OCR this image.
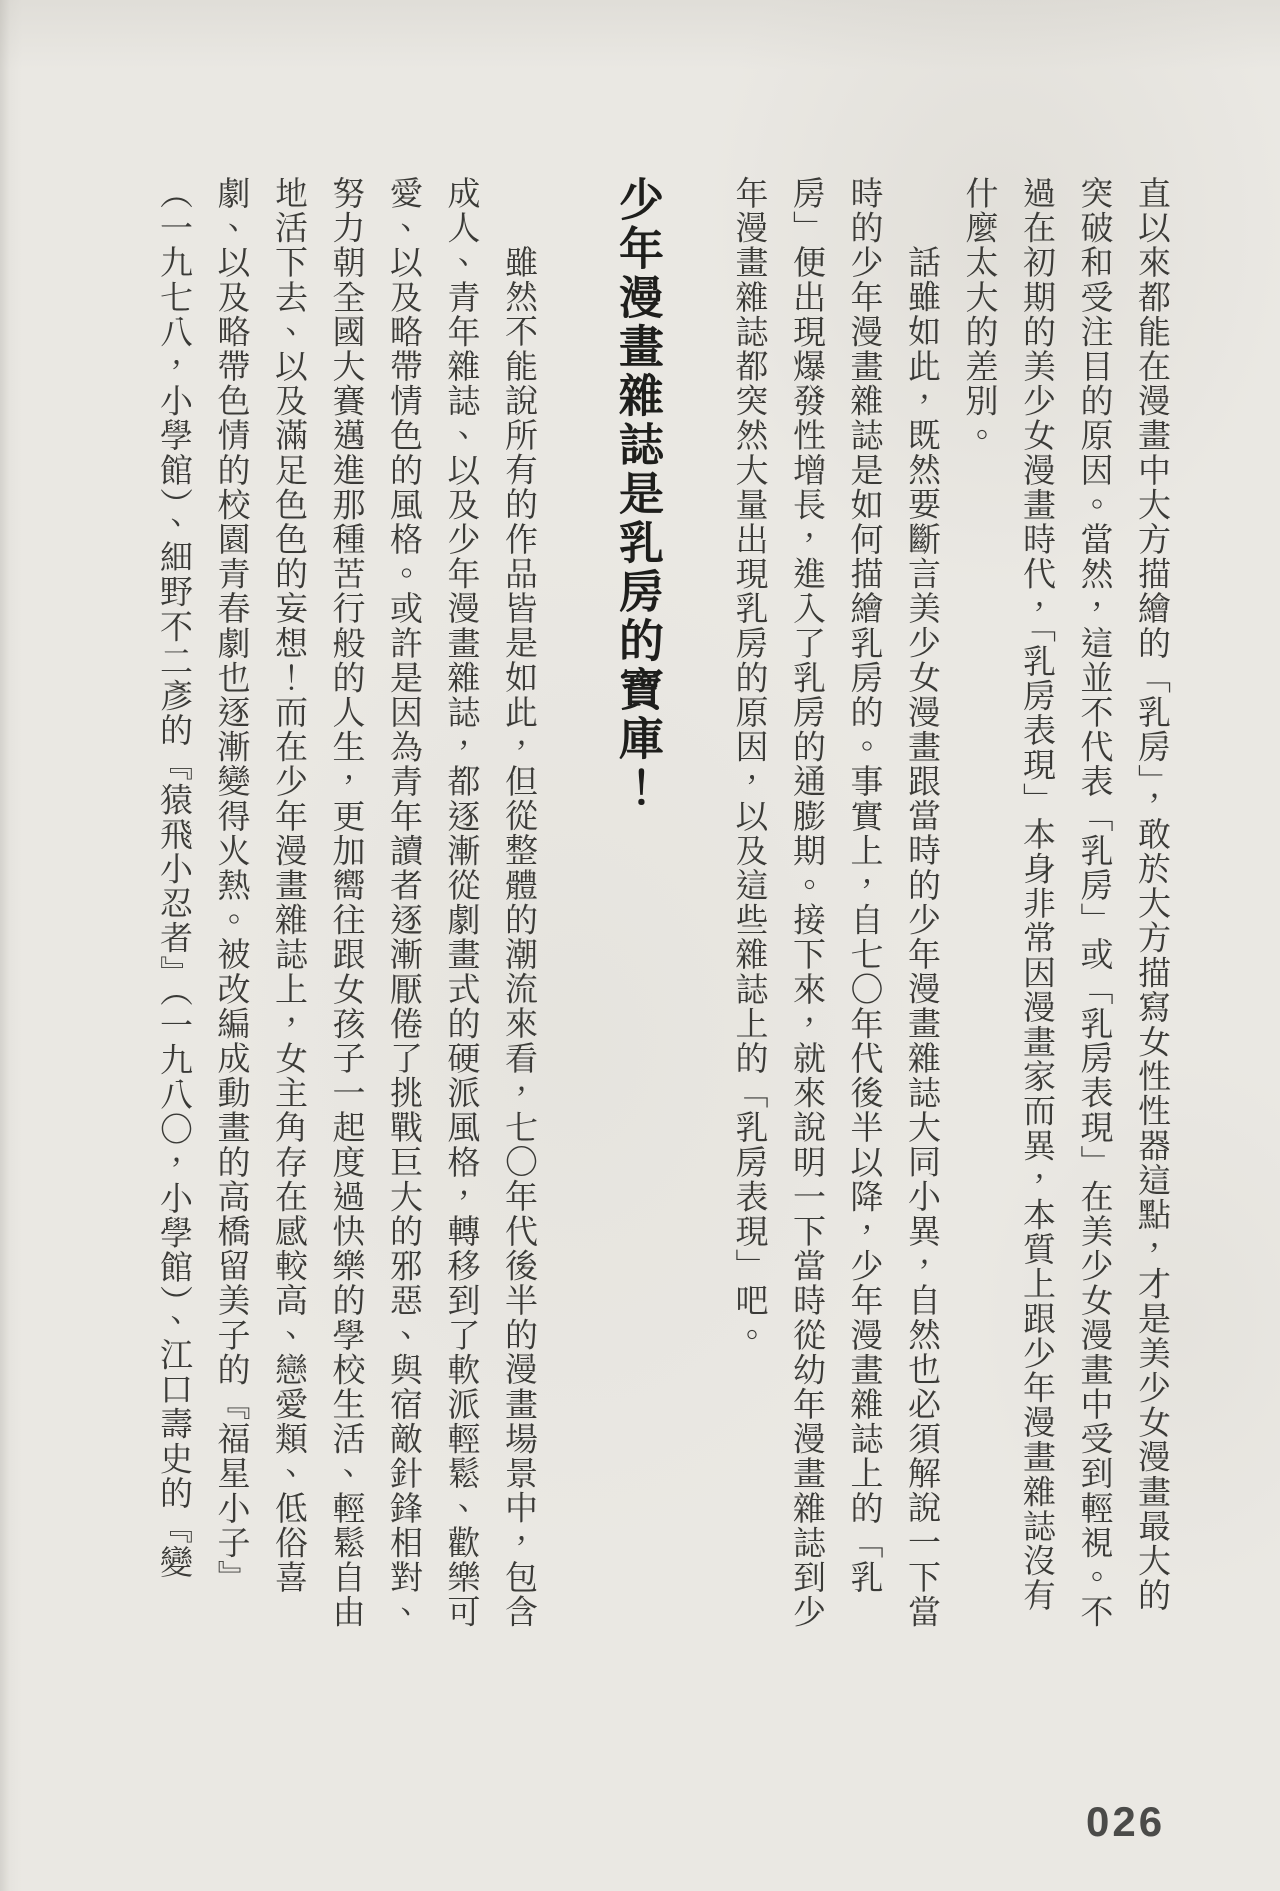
直以來都能在漫畫中大方描繪的「乳房」，敢於大方描寫女性性器這點，才是美少女漫畫最大的突破和受注目的原因。當然，這並不代表「乳房」或「乳房表現」在美少女漫畫中受到輕視。不過在初期的美少女漫畫時代，「乳房表現」本身非常因漫畫家而異，本質上跟少年漫畫雜誌沒有什麼太大的差別。

話雖如此，既然要斷言美少女漫畫跟當時的少年漫畫雜誌大同小異，自然也必須解說一下當時的少年漫畫雜誌是如何描繪乳房的。事實上，自七〇年代後半以降，少年漫畫雜誌上的「乳房」便出現爆發性增長，進入了乳房的通膨期。接下來，就來說明一下當時從幼年漫畫雜誌到少年漫畫雜誌都突然大量出現乳房的原因，以及這些雜誌上的「乳房表現」吧。

少年漫畫雜誌是乳房的寶庫！

雖然不能說所有的作品皆是如此，但從整體的潮流來看，七〇年代後半的漫畫場景中，包含成人、青年雜誌、以及少年漫畫雜誌，都逐漸從劇畫式的硬派風格，轉移到了軟派輕鬆、歡樂可愛、以及略帶情色的風格。或許是因為青年讀者逐漸厭倦了挑戰巨大的邪惡、與宿敵針鋒相對、努力朝全國大賽邁進那種苦行般的人生，更加嚮往跟女孩子一起度過快樂的學校生活、輕鬆自由地活下去、以及滿足色色的妄想！而在少年漫畫雜誌上，女主角存在感較高、戀愛類、低俗喜劇、以及略帶色情的校園青春劇也逐漸變得火熱。被改編成動畫的高橋留美子的『福星小子』（一九七八，小學館）、細野不二彥的『猿飛小忍者』（一九八〇，小學館）、江口壽史的『變

026
